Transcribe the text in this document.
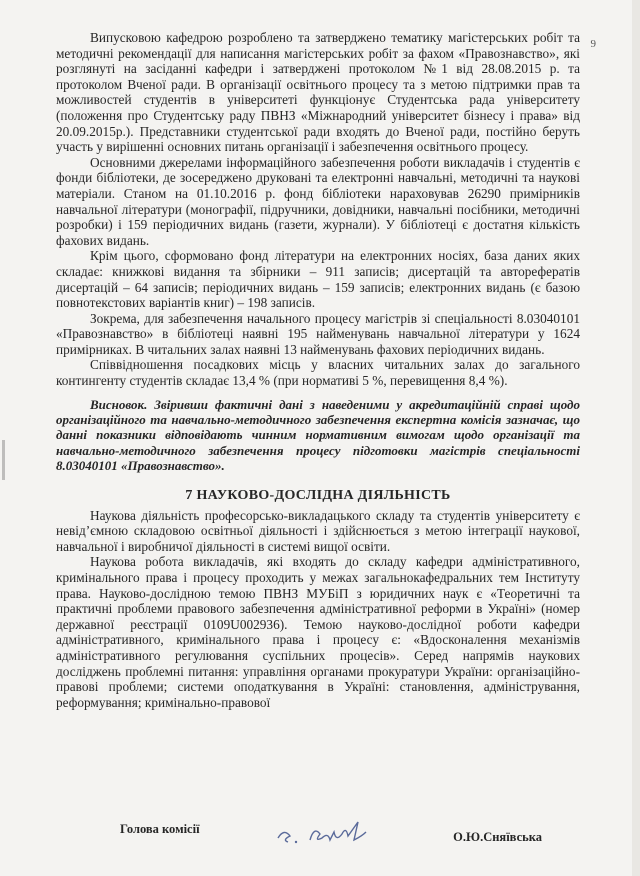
9

Випусковою кафедрою розроблено та затверджено тематику магістерських робіт та методичні рекомендації для написання магістерських робіт за фахом «Правознавство», які розглянуті на засіданні кафедри і затверджені протоколом №1 від 28.08.2015 р. та протоколом Вченої ради. В організації освітнього процесу та з метою підтримки прав та можливостей студентів в університеті функціонує Студентська рада університету (положення про Студентську раду ПВНЗ «Міжнародний університет бізнесу і права» від 20.09.2015р.). Представники студентської ради входять до Вченої ради, постійно беруть участь у вирішенні основних питань організації і забезпечення освітнього процесу.

Основними джерелами інформаційного забезпечення роботи викладачів і студентів є фонди бібліотеки, де зосереджено друковані та електронні навчальні, методичні та наукові матеріали. Станом на 01.10.2016 р. фонд бібліотеки нараховував 26290 примірників навчальної літератури (монографії, підручники, довідники, навчальні посібники, методичні розробки) і 159 періодичних видань (газети, журнали). У бібліотеці є достатня кількість фахових видань.

Крім цього, сформовано фонд літератури на електронних носіях, база даних яких складає: книжкові видання та збірники – 911 записів; дисертацій та авторефератів дисертацій – 64 записів; періодичних видань – 159 записів; електронних видань (є базою повнотекстових варіантів книг) – 198 записів.

Зокрема, для забезпечення начального процесу магістрів зі спеціальності 8.03040101 «Правознавство» в бібліотеці наявні 195 найменувань навчальної літератури у 1624 примірниках. В читальних залах наявні 13 найменувань фахових періодичних видань.

Співвідношення посадкових місць у власних читальних залах до загального контингенту студентів складає 13,4 % (при нормативі 5 %, перевищення 8,4 %).

Висновок. Звіривши фактичні дані з наведеними у акредитаційній справі щодо організаційного та навчально-методичного забезпечення експертна комісія зазначає, що данні показники відповідають чинним нормативним вимогам щодо організації та навчально-методичного забезпечення процесу підготовки магістрів спеціальності 8.03040101 «Правознавство».

7 НАУКОВО-ДОСЛІДНА ДІЯЛЬНІСТЬ

Наукова діяльність професорсько-викладацького складу та студентів університету є невід’ємною складовою освітньої діяльності і здійснюється з метою інтеграції наукової, навчальної і виробничої діяльності в системі вищої освіти.

Наукова робота викладачів, які входять до складу кафедри адміністративного, кримінального права і процесу проходить у межах загальнокафедральних тем Інституту права. Науково-дослідною темою ПВНЗ МУБіП з юридичних наук є «Теоретичні та практичні проблеми правового забезпечення адміністративної реформи в Україні» (номер державної реєстрації 0109U002936). Темою науково-дослідної роботи кафедри адміністративного, кримінального права і процесу є: «Вдосконалення механізмів адміністративного регулювання суспільних процесів». Серед напрямів наукових досліджень проблемні питання: управління органами прокуратури України: організаційно-правові проблеми; системи оподаткування в Україні: становлення, адміністрування, реформування; кримінально-правової

Голова комісії
О.Ю.Сняївська
